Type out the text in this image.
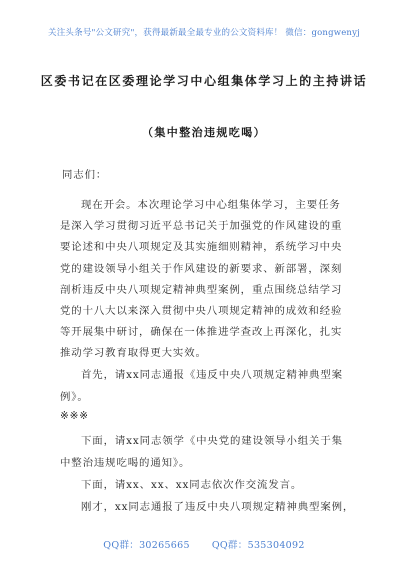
关注头条号"公文研究"，获得最新最全最专业的公文资料库！ 微信：gongwenyj
区委书记在区委理论学习中心组集体学习上的主持讲话
（集中整治违规吃喝）
同志们：
现在开会。本次理论学习中心组集体学习，主要任务
是深入学习贯彻习近平总书记关于加强党的作风建设的重
要论述和中央八项规定及其实施细则精神，系统学习中央
党的建设领导小组关于作风建设的新要求、新部署，深刻
剖析违反中央八项规定精神典型案例，重点围绕总结学习
党的十八大以来深入贯彻中央八项规定精神的成效和经验
等开展集中研讨，确保在一体推进学查改上再深化，扎实
推动学习教育取得更大实效。
首先，请xx同志通报《违反中央八项规定精神典型案
例》。
※※※
下面，请xx同志领学《中央党的建设领导小组关于集
中整治违规吃喝的通知》。
下面，请xx、xx、xx同志依次作交流发言。
刚才，xx同志通报了违反中央八项规定精神典型案例，
QQ群：30265665 QQ群：535304092
